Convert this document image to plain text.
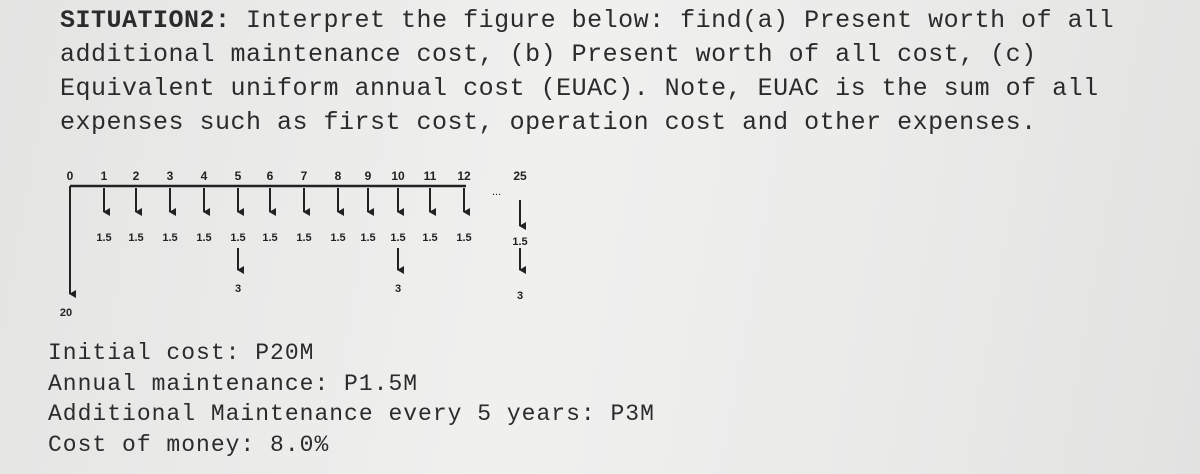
SITUATION2: Interpret the figure below: find(a) Present worth of all
additional maintenance cost, (b) Present worth of all cost, (c)
Equivalent uniform annual cost (EUAC). Note, EUAC is the sum of all
expenses such as first cost, operation cost and other expenses.
0 1 2 3 4 5 6 7 8 9 10 11 12	25
20
1.5 1.5 1.5 1.5 1.5 1.5 1.5 1.5 1.5 1.5 1.5 1.5	1.5
3	3
3
...
Initial cost: P20M
Annual maintenance: P1.5M
Additional Maintenance every 5 years: P3M
Cost of money: 8.0%
